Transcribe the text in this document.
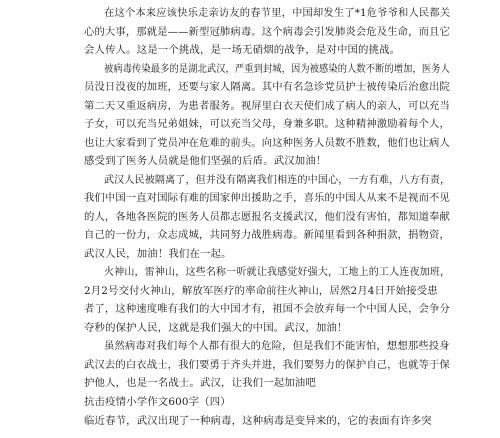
在这个本来应该快乐走亲访友的春节里，中国却发生了*1危爷爷和人民都关
心的大事，那就是——新型冠肺病毒。这个病毒会引发肺炎会危及生命，而且它
会人传人。这是一个挑战，是一场无硝烟的战争，是对中国的挑战。
被病毒传染最多的是湖北武汉，严重到封城，因为被感染的人数不断的增加，医务人
员没日没夜的加班，还要与家人隔离。其中有名急诊党员护士被传染后治愈出院
第二天又重返病房，为患者服务。视屏里白衣天使们成了病人的亲人，可以充当
子女，可以充当兄弟姐妹，可以充当父母，身兼多职。这种精神激励着每个人，
也让大家看到了党员冲在危难的前头。向这种医务人员数不胜数，他们也让病人
感受到了医务人员就是他们坚强的后盾。武汉加油！
武汉人民被隔离了，但并没有隔离我们相连的中国心，一方有难，八方有责，
我们中国一直对国际有难的国家伸出援助之手，喜乐的中国人从来不是视而不见
的人，各地各医院的医务人员都志愿报名支援武汉，他们没有害怕，都知道奉献
自己的一份力，众志成城，共同努力战胜病毒。新闻里看到各种捐款，捐物资，
武汉人民，加油！我们在一起。
火神山，雷神山，这些名称一听就让我感觉好强大，工地上的工人连夜加班，
2月2号交付火神山，解放军医疗的率命前往火神山，居然2月4日开始接受患
者了，这种速度唯有我们的大中国才有，祖国不会放弃每一个中国人民，会争分
夺秒的保护人民，这就是我们强大的中国。武汉，加油！
虽然病毒对我们每个人都有很大的危险，但是我们不能害怕，想想那些投身
武汉去的白衣战士，我们要勇于齐头并进，我们要努力的保护自己，也就等于保
护他人，也是一名战士。武汉，让我们一起加油吧
抗击疫情小学作文600字（四）
临近春节，武汉出现了一种病毒，这种病毒是变异来的，它的表面有许多突
